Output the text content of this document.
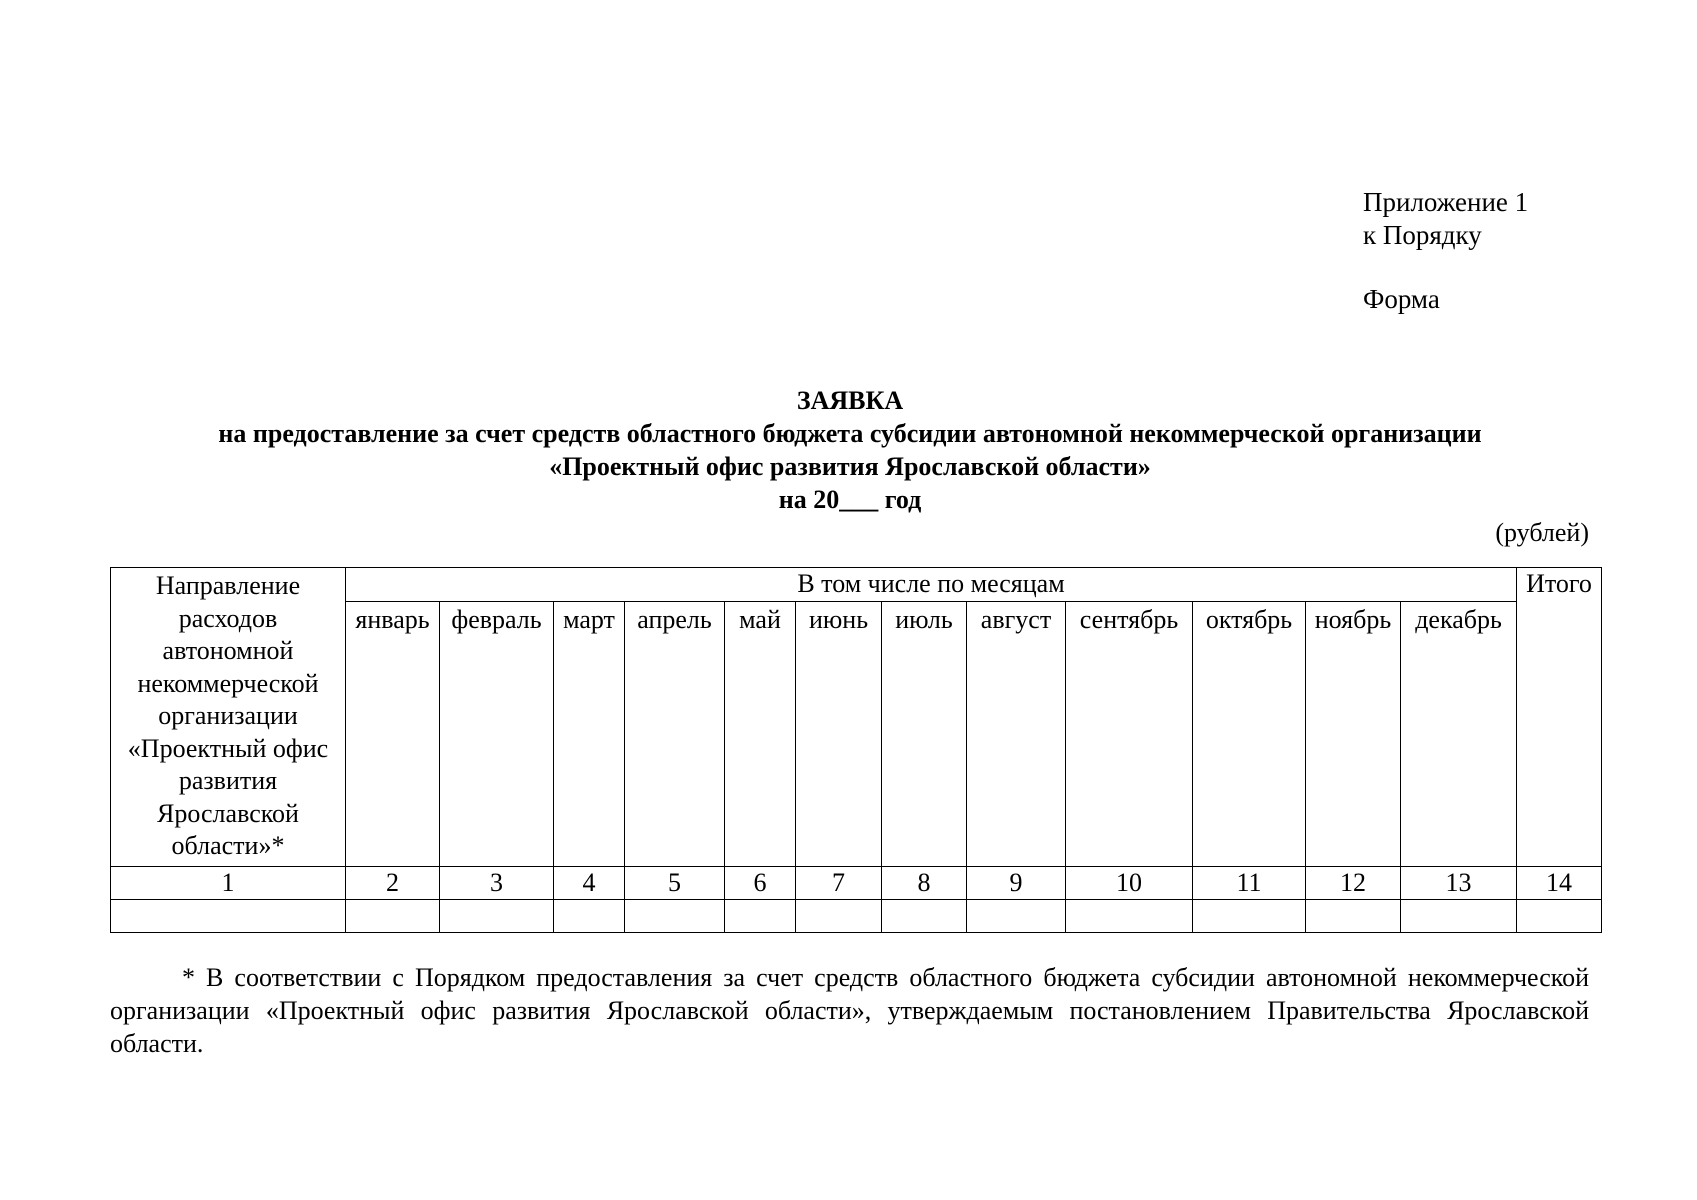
Приложение 1
к Порядку
Форма
ЗАЯВКА
на предоставление за счет средств областного бюджета субсидии автономной некоммерческой организации
«Проектный офис развития Ярославской области»
на 20___ год
(рублей)
Направление расходов автономной некоммерческой организации «Проектный офис развития Ярославской области»*	В том числе по месяцам												Итого
	январь	февраль	март	апрель	май	июнь	июль	август	сентябрь	октябрь	ноябрь	декабрь	
1	2	3	4	5	6	7	8	9	10	11	12	13	14

* В соответствии с Порядком предоставления за счет средств областного бюджета субсидии автономной некоммерческой организации «Проектный офис развития Ярославской области», утверждаемым постановлением Правительства Ярославской области.
